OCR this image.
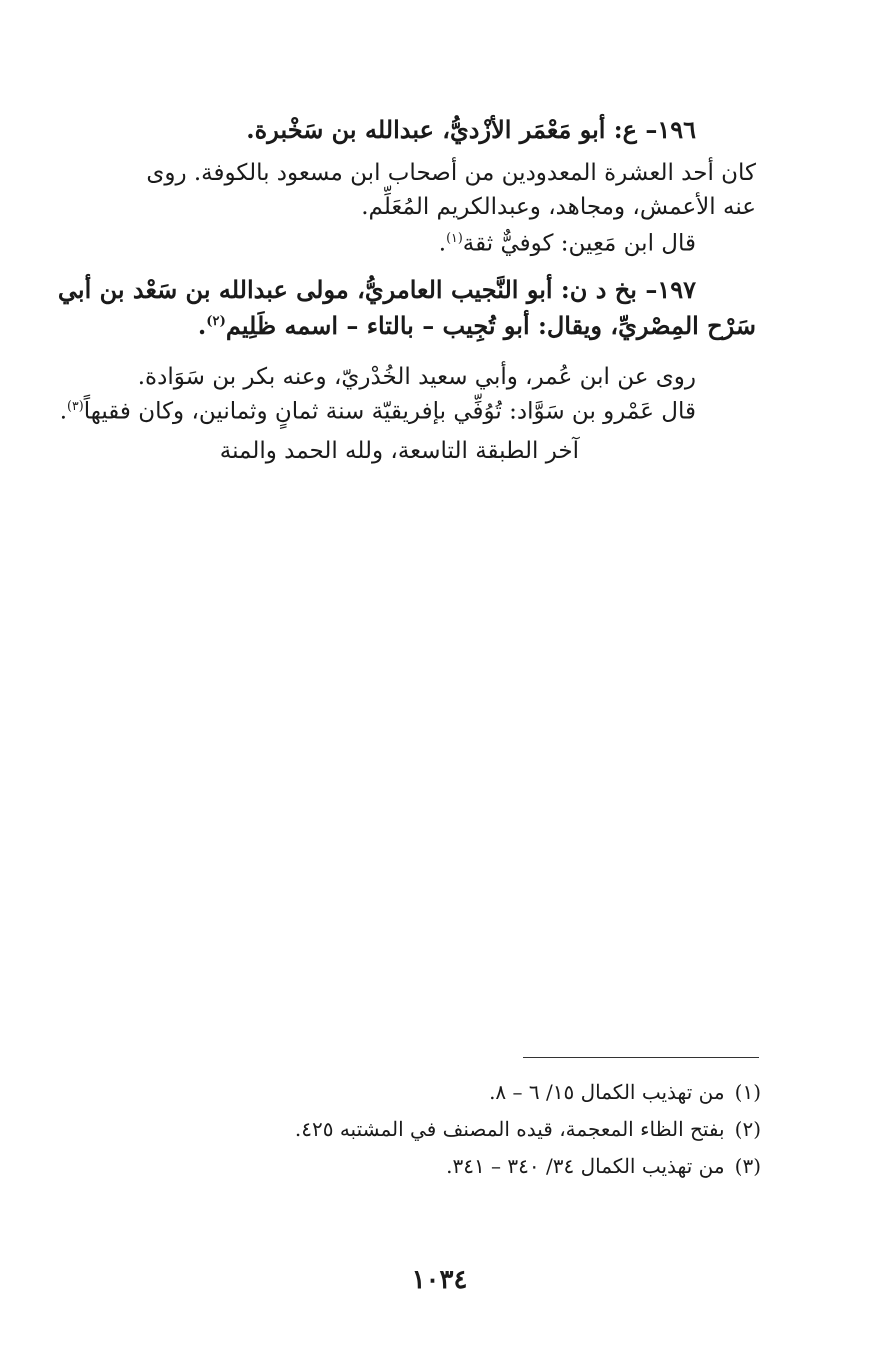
١٩٦– ع: أبو مَعْمَر الأزْديُّ، عبدالله بن سَخْبرة.
كان أحد العشرة المعدودين من أصحاب ابن مسعود بالكوفة. روى
عنه الأعمش، ومجاهد، وعبدالكريم المُعَلِّم.
قال ابن مَعِين: كوفيٌّ ثقة$^{(١)}$.
١٩٧– بخ د ن: أبو النَّجيب العامريُّ، مولى عبدالله بن سَعْد بن أبي
سَرْح المِصْريِّ، ويقال: أبو تُجِيب – بالتاء – اسمه ظَلِيم$^{(٢)}$.
روى عن ابن عُمر، وأبي سعيد الخُدْريّ، وعنه بكر بن سَوَادة.
قال عَمْرو بن سَوَّاد: تُوُفِّي بإفريقيّة سنة ثمانٍ وثمانين، وكان فقيهاً$^{(٣)}$.
آخر الطبقة التاسعة، ولله الحمد والمنة
(١)من تهذيب الكمال ١٥/ ٦ – ٨.
(٢)بفتح الظاء المعجمة، قيده المصنف في المشتبه ٤٢٥.
(٣)من تهذيب الكمال ٣٤/ ٣٤٠ – ٣٤١.
١٠٣٤
